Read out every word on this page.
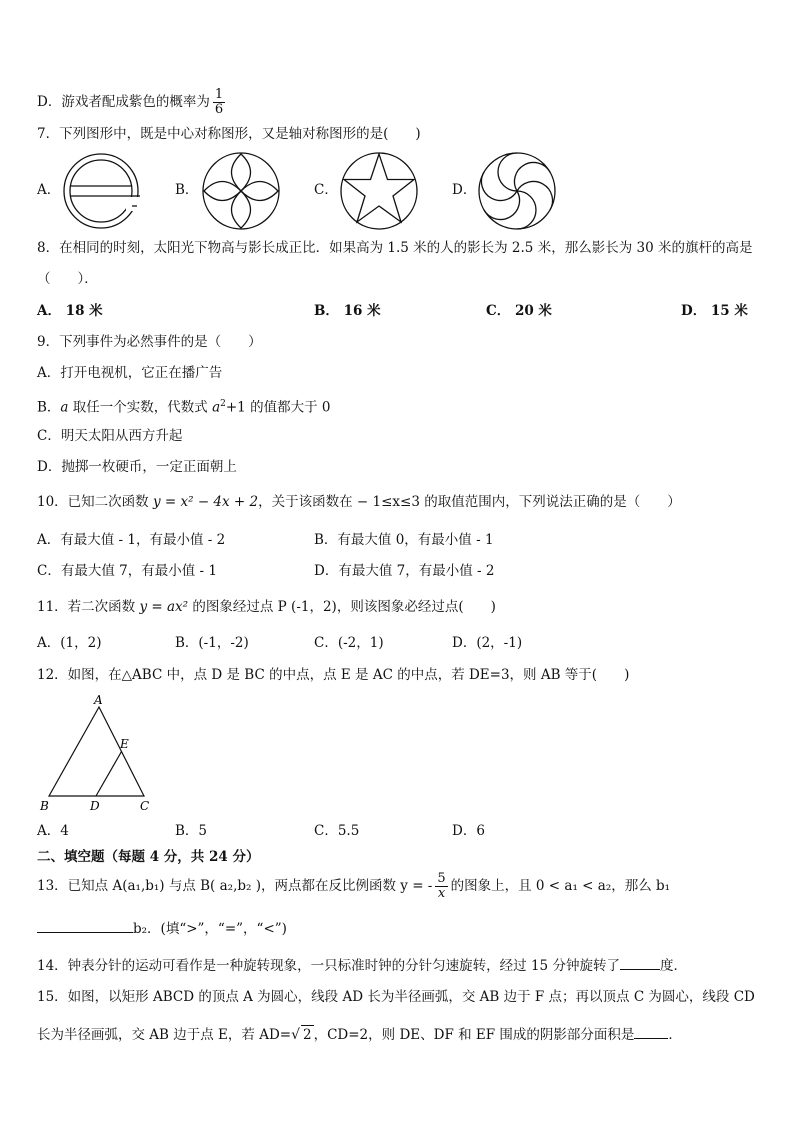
D．游戏者配成紫色的概率为 $\frac{1}{6}$
7．下列图形中，既是中心对称图形，又是轴对称图形的是(　　)
A．	B．	C．	D．
8．在相同的时刻，太阳光下物高与影长成正比．如果高为 1.5 米的人的影长为 2.5 米，那么影长为 30 米的旗杆的高是
（　　）．
A． 18 米	B． 16 米	C． 20 米	D． 15 米
9．下列事件为必然事件的是（　　）
A．打开电视机，它正在播广告
B．a 取任一个实数，代数式 $a^2+1$ 的值都大于 0
C．明天太阳从西方升起
D．抛掷一枚硬币，一定正面朝上
10．已知二次函数 y = x² − 4x + 2，关于该函数在 − 1≤x≤3 的取值范围内，下列说法正确的是（　　）
A．有最大值 - 1，有最小值 - 2	B．有最大值 0，有最小值 - 1
C．有最大值 7，有最小值 - 1	D．有最大值 7，有最小值 - 2
11．若二次函数 y = ax² 的图象经过点 P (-1，2)，则该图象必经过点(　　)
A．(1，2)	B．(-1，-2)	C．(-2，1)	D．(2，-1)
12．如图，在△ABC 中，点 D 是 BC 的中点，点 E 是 AC 的中点，若 DE=3，则 AB 等于(　　)
A
E
B	D	C
A．4	B．5	C．5.5	D．6
二、填空题（每题 4 分，共 24 分）
13．已知点 A(a₁,b₁) 与点 B( a₂,b₂ )，两点都在反比例函数 y = - $\frac{5}{x}$ 的图象上，且 0 < a₁ < a₂，那么 b₁
b₂．(填“>”，“=”，“<”)
14．钟表分针的运动可看作是一种旋转现象，一只标准时钟的分针匀速旋转，经过 15 分钟旋转了	度．
15．如图，以矩形 ABCD 的顶点 A 为圆心，线段 AD 长为半径画弧，交 AB 边于 F 点；再以顶点 C 为圆心，线段 CD
长为半径画弧，交 AB 边于点 E，若 AD=√ 2 ，CD=2，则 DE、DF 和 EF 围成的阴影部分面积是	．
